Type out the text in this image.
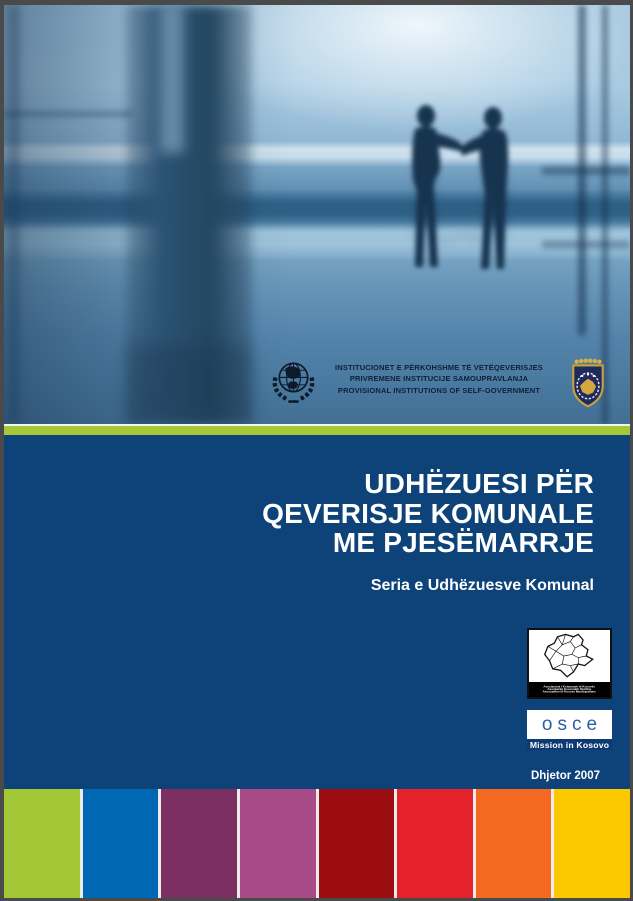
INSTITUCIONET E PËRKOHSHME TË VETËQEVERISJES
PRIVREMENE INSTITUCIJE SAMOUPRAVLANJA
PROVISIONAL INSTITUTIONS OF SELF-GOVERNMENT
UDHËZUESI PËR
QEVERISJE KOMUNALE
ME PJESËMARRJE
Seria e Udhëzuesve Komunal
Asociacioni i Komunave të Kosovës
Asocijacija Kosovskih Opština
Association of Kosovo Municipalities
osce
Mission in Kosovo
Dhjetor 2007
